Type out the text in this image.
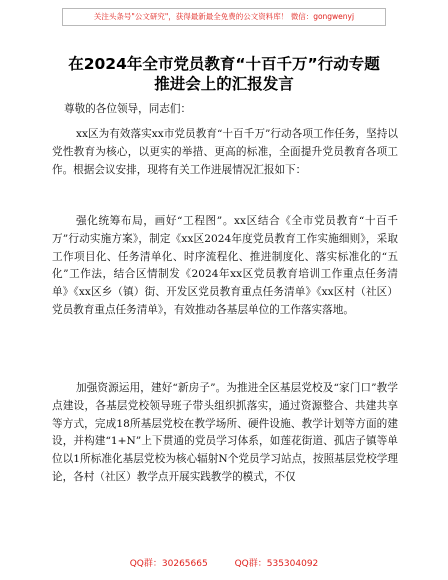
关注头条号"公文研究"，获得最新最全免费的公文资料库！ 微信：gongwenyj
在2024年全市党员教育“十百千万”行动专题
推进会上的汇报发言
尊敬的各位领导，同志们：
xx区为有效落实xx市党员教育“十百千万”行动各项工作任务，坚持以党性教育为核心，以更实的举措、更高的标准，全面提升党员教育各项工作。根据会议安排，现将有关工作进展情况汇报如下：
强化统筹布局，画好“工程图”。xx区结合《全市党员教育“十百千万”行动实施方案》，制定《xx区2024年度党员教育工作实施细则》，采取工作项目化、任务清单化、时序流程化、推进制度化、落实标准化的“五化”工作法，结合区情制发《2024年xx区党员教育培训工作重点任务清单》《xx区乡（镇）街、开发区党员教育重点任务清单》《xx区村（社区）党员教育重点任务清单》，有效推动各基层单位的工作落实落地。
加强资源运用，建好“新房子”。为推进全区基层党校及“家门口”教学点建设，各基层党校领导班子带头组织抓落实，通过资源整合、共建共享等方式，完成18所基层党校在教学场所、硬件设施、教学计划等方面的建设，并构建“1+N”上下贯通的党员学习体系，如莲花街道、孤店子镇等单位以1所标准化基层党校为核心辐射N个党员学习站点，按照基层党校学理论，各村（社区）教学点开展实践教学的模式，不仅
QQ群：30265665	QQ群：535304092
